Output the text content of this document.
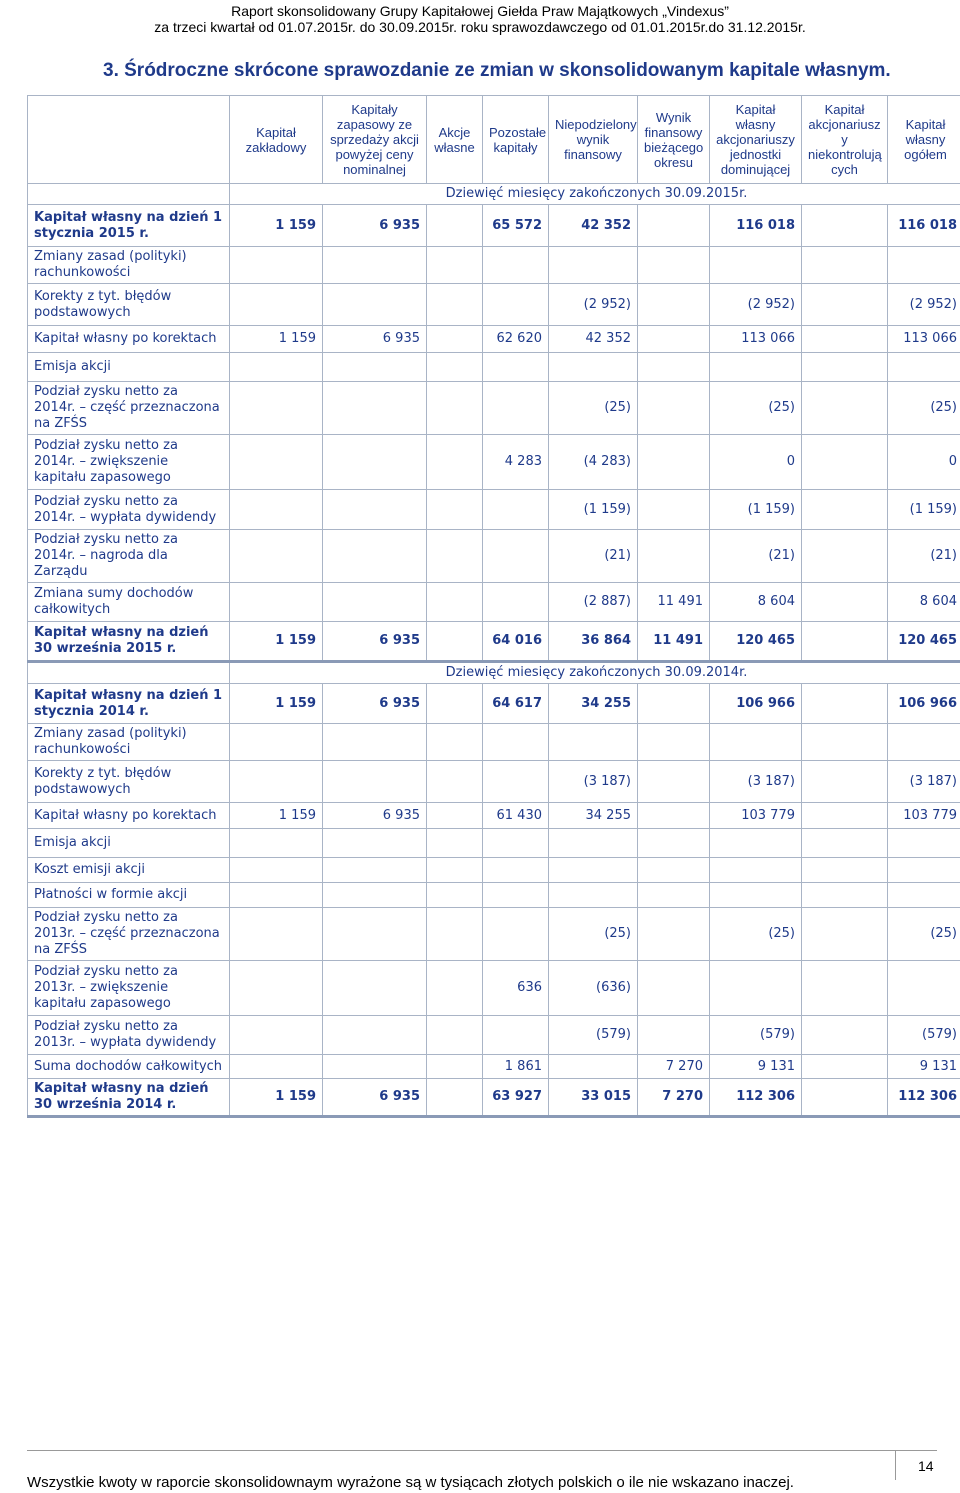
Raport skonsolidowany Grupy Kapitałowej Giełda Praw Majątkowych „Vindexus”
za trzeci kwartał od 01.07.2015r. do 30.09.2015r. roku sprawozdawczego od 01.01.2015r.do 31.12.2015r.
3. Śródroczne skrócone sprawozdanie ze zmian w skonsolidowanym kapitale własnym.
	Kapitał zakładowy	Kapitały zapasowy ze sprzedaży akcji powyżej ceny nominalnej	Akcje własne	Pozostałe kapitały	Niepodzielony wynik finansowy	Wynik finansowy bieżącego okresu	Kapitał własny akcjonariuszy jednostki dominującej	Kapitał akcjonariusz y niekontrolują cych	Kapitał własny ogółem
	Dziewięć miesięcy zakończonych 30.09.2015r.								
Kapitał własny na dzień 1 stycznia 2015 r.	1 159	6 935		65 572	42 352		116 018		116 018
Zmiany zasad (polityki) rachunkowości									
Korekty z tyt. błędów podstawowych					(2 952)		(2 952)		(2 952)
Kapitał własny po korektach	1 159	6 935		62 620	42 352		113 066		113 066
Emisja akcji									
Podział zysku netto za 2014r. – część przeznaczona na ZFŚS					(25)		(25)		(25)
Podział zysku netto za 2014r. – zwiększenie kapitału zapasowego				4 283	(4 283)		0		0
Podział zysku netto za 2014r. – wypłata dywidendy					(1 159)		(1 159)		(1 159)
Podział zysku netto za 2014r. – nagroda dla Zarządu					(21)		(21)		(21)
Zmiana sumy dochodów całkowitych					(2 887)	11 491	8 604		8 604
Kapitał własny na dzień 30 września 2015 r.	1 159	6 935		64 016	36 864	11 491	120 465		120 465
	Dziewięć miesięcy zakończonych 30.09.2014r.								
Kapitał własny na dzień 1 stycznia 2014 r.	1 159	6 935		64 617	34 255		106 966		106 966
Zmiany zasad (polityki) rachunkowości									
Korekty z tyt. błędów podstawowych					(3 187)		(3 187)		(3 187)
Kapitał własny po korektach	1 159	6 935		61 430	34 255		103 779		103 779
Emisja akcji									
Koszt emisji akcji									
Płatności w formie akcji									
Podział zysku netto za 2013r. – część przeznaczona na ZFŚS					(25)		(25)		(25)
Podział zysku netto za 2013r. – zwiększenie kapitału zapasowego				636	(636)				
Podział zysku netto za 2013r. – wypłata dywidendy					(579)		(579)		(579)
Suma dochodów całkowitych				1 861		7 270	9 131		9 131
Kapitał własny na dzień 30 września 2014 r.	1 159	6 935		63 927	33 015	7 270	112 306		112 306
14
Wszystkie kwoty w raporcie skonsolidownaym wyrażone są w tysiącach złotych polskich o ile nie wskazano inaczej.
